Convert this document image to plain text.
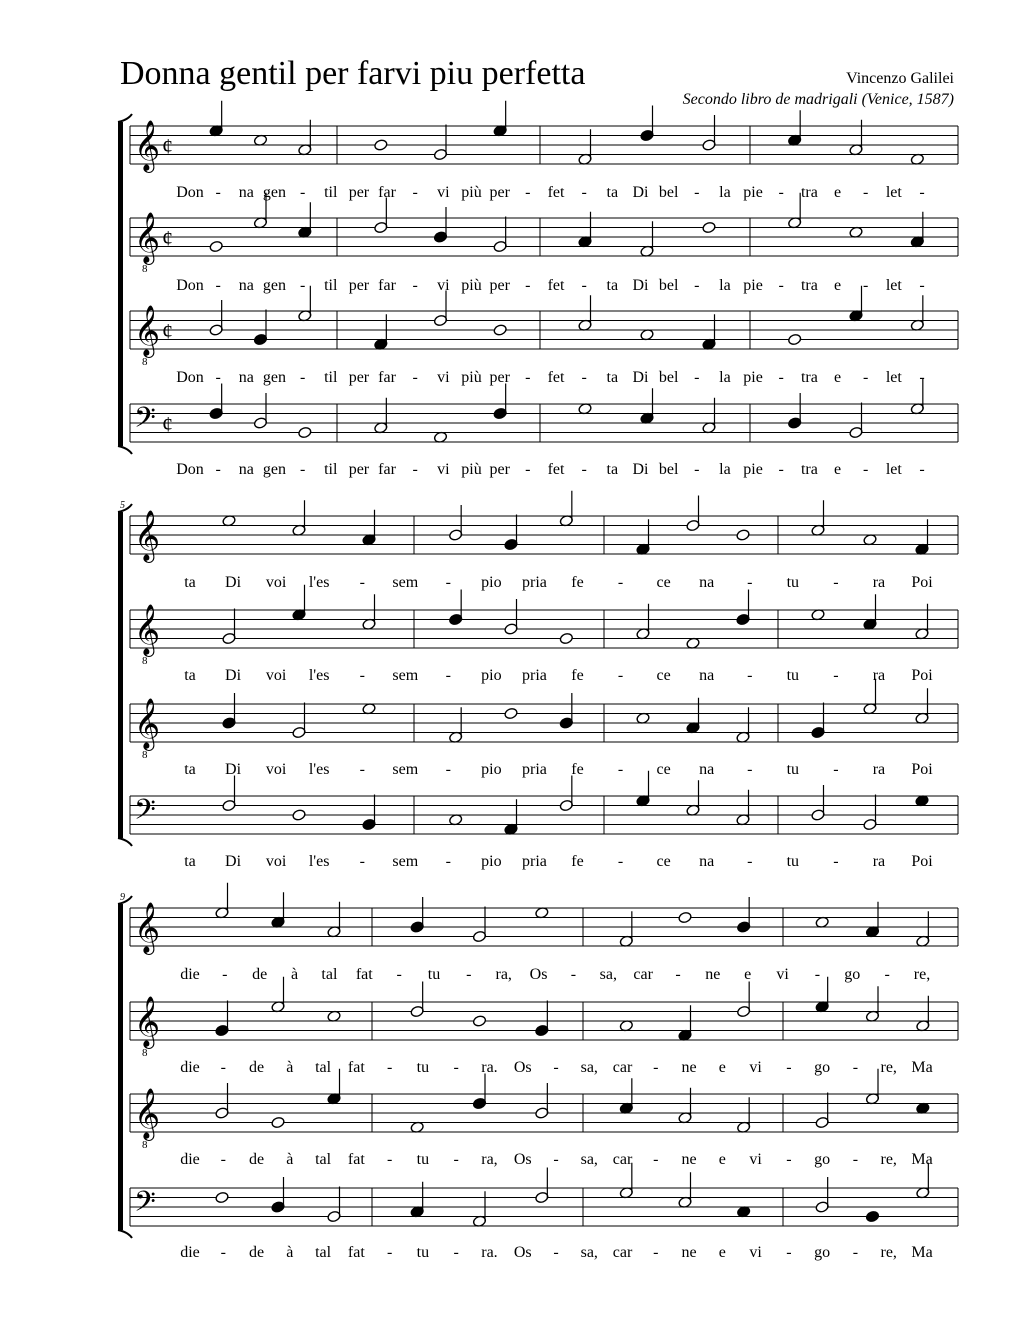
Donna gentil per farvi piu perfetta	Vincenzo Galilei
Secondo libro de madrigali (Venice, 1587)
𝄞 ¢
𝄞
8
¢
𝄞
8
¢
𝄢 ¢
𝄞
𝄞
8
𝄞
8
𝄢
𝄞
𝄞
8
𝄞
8
𝄢
Don - na gen - til per far - vi più per - fet - ta Di bel - la pie - tra e - let -
Don - na gen - til per far - vi più per - fet - ta Di bel - la pie - tra e - let -
Don - na gen - til per far - vi più per - fet - ta Di bel - la pie - tra e - let -
Don - na gen - til per far - vi più per - fet - ta Di bel - la pie - tra e - let -
5
ta Di voi l'es - sem - pio pria fe - ce na - tu - ra Poi
ta Di voi l'es - sem - pio pria fe - ce na - tu - ra Poi
ta Di voi l'es - sem - pio pria fe - ce na - tu - ra Poi
ta Di voi l'es - sem - pio pria fe - ce na - tu - ra Poi
9
die - de à tal fat - tu - ra, Os - sa, car - ne e vi - go - re,
die - de à tal fat - tu - ra. Os - sa, car - ne e vi - go - re, Ma
die - de à tal fat - tu - ra, Os - sa, car - ne e vi - go - re, Ma
die - de à tal fat - tu - ra. Os - sa, car - ne e vi - go - re, Ma
